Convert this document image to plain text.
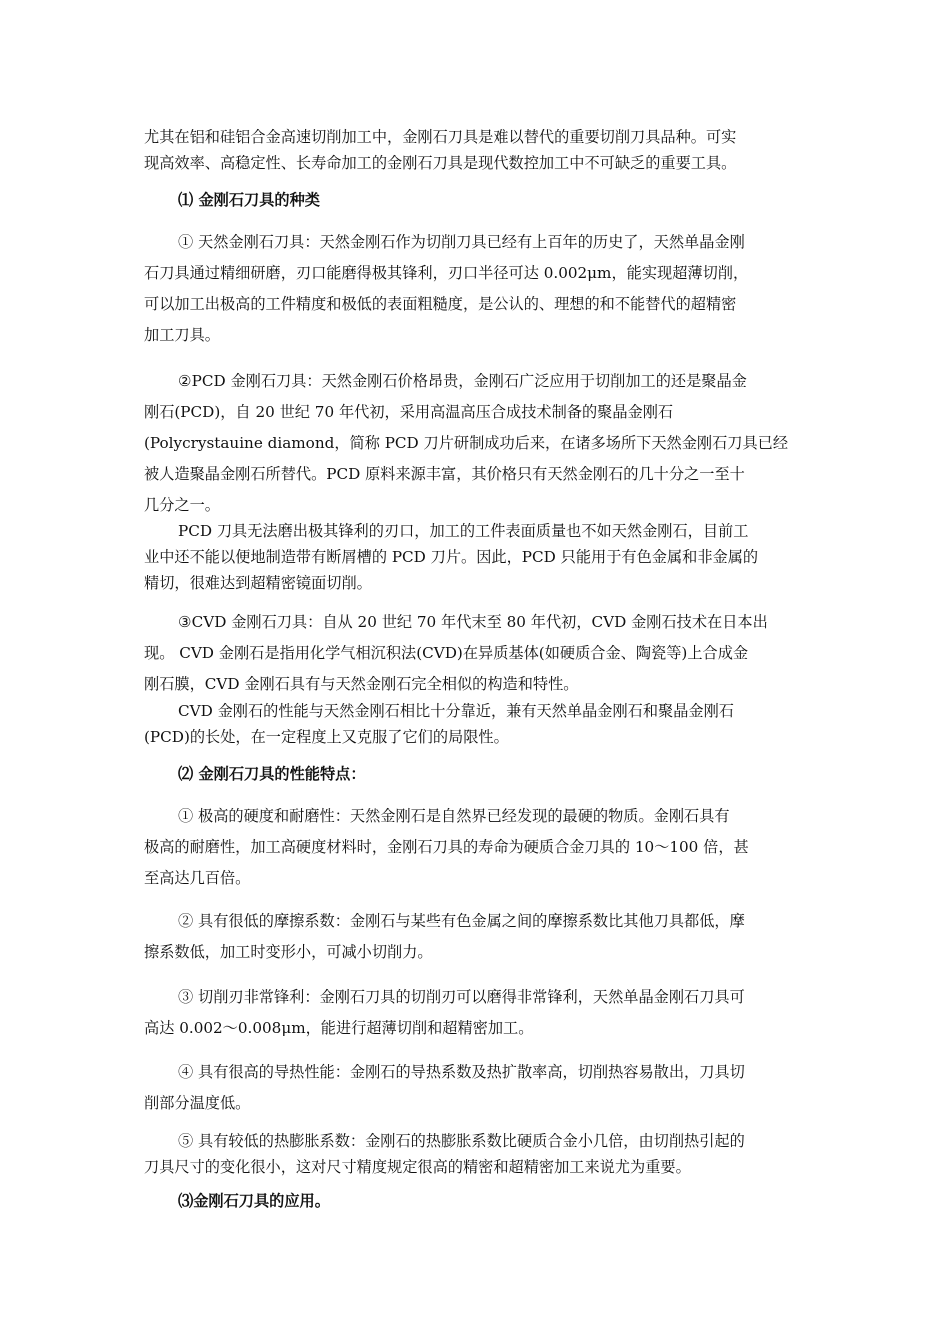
尤其在铝和硅铝合金高速切削加工中，金刚石刀具是难以替代的重要切削刀具品种。可实
现高效率、高稳定性、长寿命加工的金刚石刀具是现代数控加工中不可缺乏的重要工具。
⑴ 金刚石刀具的种类
① 天然金刚石刀具：天然金刚石作为切削刀具已经有上百年的历史了，天然单晶金刚
石刀具通过精细研磨，刃口能磨得极其锋利，刃口半径可达 0.002μm，能实现超薄切削，
可以加工出极高的工件精度和极低的表面粗糙度，是公认的、理想的和不能替代的超精密
加工刀具。
②PCD 金刚石刀具：天然金刚石价格昂贵，金刚石广泛应用于切削加工的还是聚晶金
刚石(PCD)，自 20 世纪 70 年代初，采用高温高压合成技术制备的聚晶金刚石
(Polycrystauine diamond，简称 PCD 刀片研制成功后来，在诸多场所下天然金刚石刀具已经
被人造聚晶金刚石所替代。PCD 原料来源丰富，其价格只有天然金刚石的几十分之一至十
几分之一。
PCD 刀具无法磨出极其锋利的刃口，加工的工件表面质量也不如天然金刚石，目前工
业中还不能以便地制造带有断屑槽的 PCD 刀片。因此，PCD 只能用于有色金属和非金属的
精切，很难达到超精密镜面切削。
③CVD 金刚石刀具：自从 20 世纪 70 年代末至 80 年代初，CVD 金刚石技术在日本出
现。 CVD 金刚石是指用化学气相沉积法(CVD)在异质基体(如硬质合金、陶瓷等)上合成金
刚石膜，CVD 金刚石具有与天然金刚石完全相似的构造和特性。
CVD 金刚石的性能与天然金刚石相比十分靠近，兼有天然单晶金刚石和聚晶金刚石
(PCD)的长处，在一定程度上又克服了它们的局限性。
⑵ 金刚石刀具的性能特点：
① 极高的硬度和耐磨性：天然金刚石是自然界已经发现的最硬的物质。金刚石具有
极高的耐磨性，加工高硬度材料时，金刚石刀具的寿命为硬质合金刀具的 10～100 倍，甚
至高达几百倍。
② 具有很低的摩擦系数：金刚石与某些有色金属之间的摩擦系数比其他刀具都低，摩
擦系数低，加工时变形小，可减小切削力。
③ 切削刃非常锋利：金刚石刀具的切削刃可以磨得非常锋利，天然单晶金刚石刀具可
高达 0.002～0.008μm，能进行超薄切削和超精密加工。
④ 具有很高的导热性能：金刚石的导热系数及热扩散率高，切削热容易散出，刀具切
削部分温度低。
⑤ 具有较低的热膨胀系数：金刚石的热膨胀系数比硬质合金小几倍，由切削热引起的
刀具尺寸的变化很小，这对尺寸精度规定很高的精密和超精密加工来说尤为重要。
⑶金刚石刀具的应用。
